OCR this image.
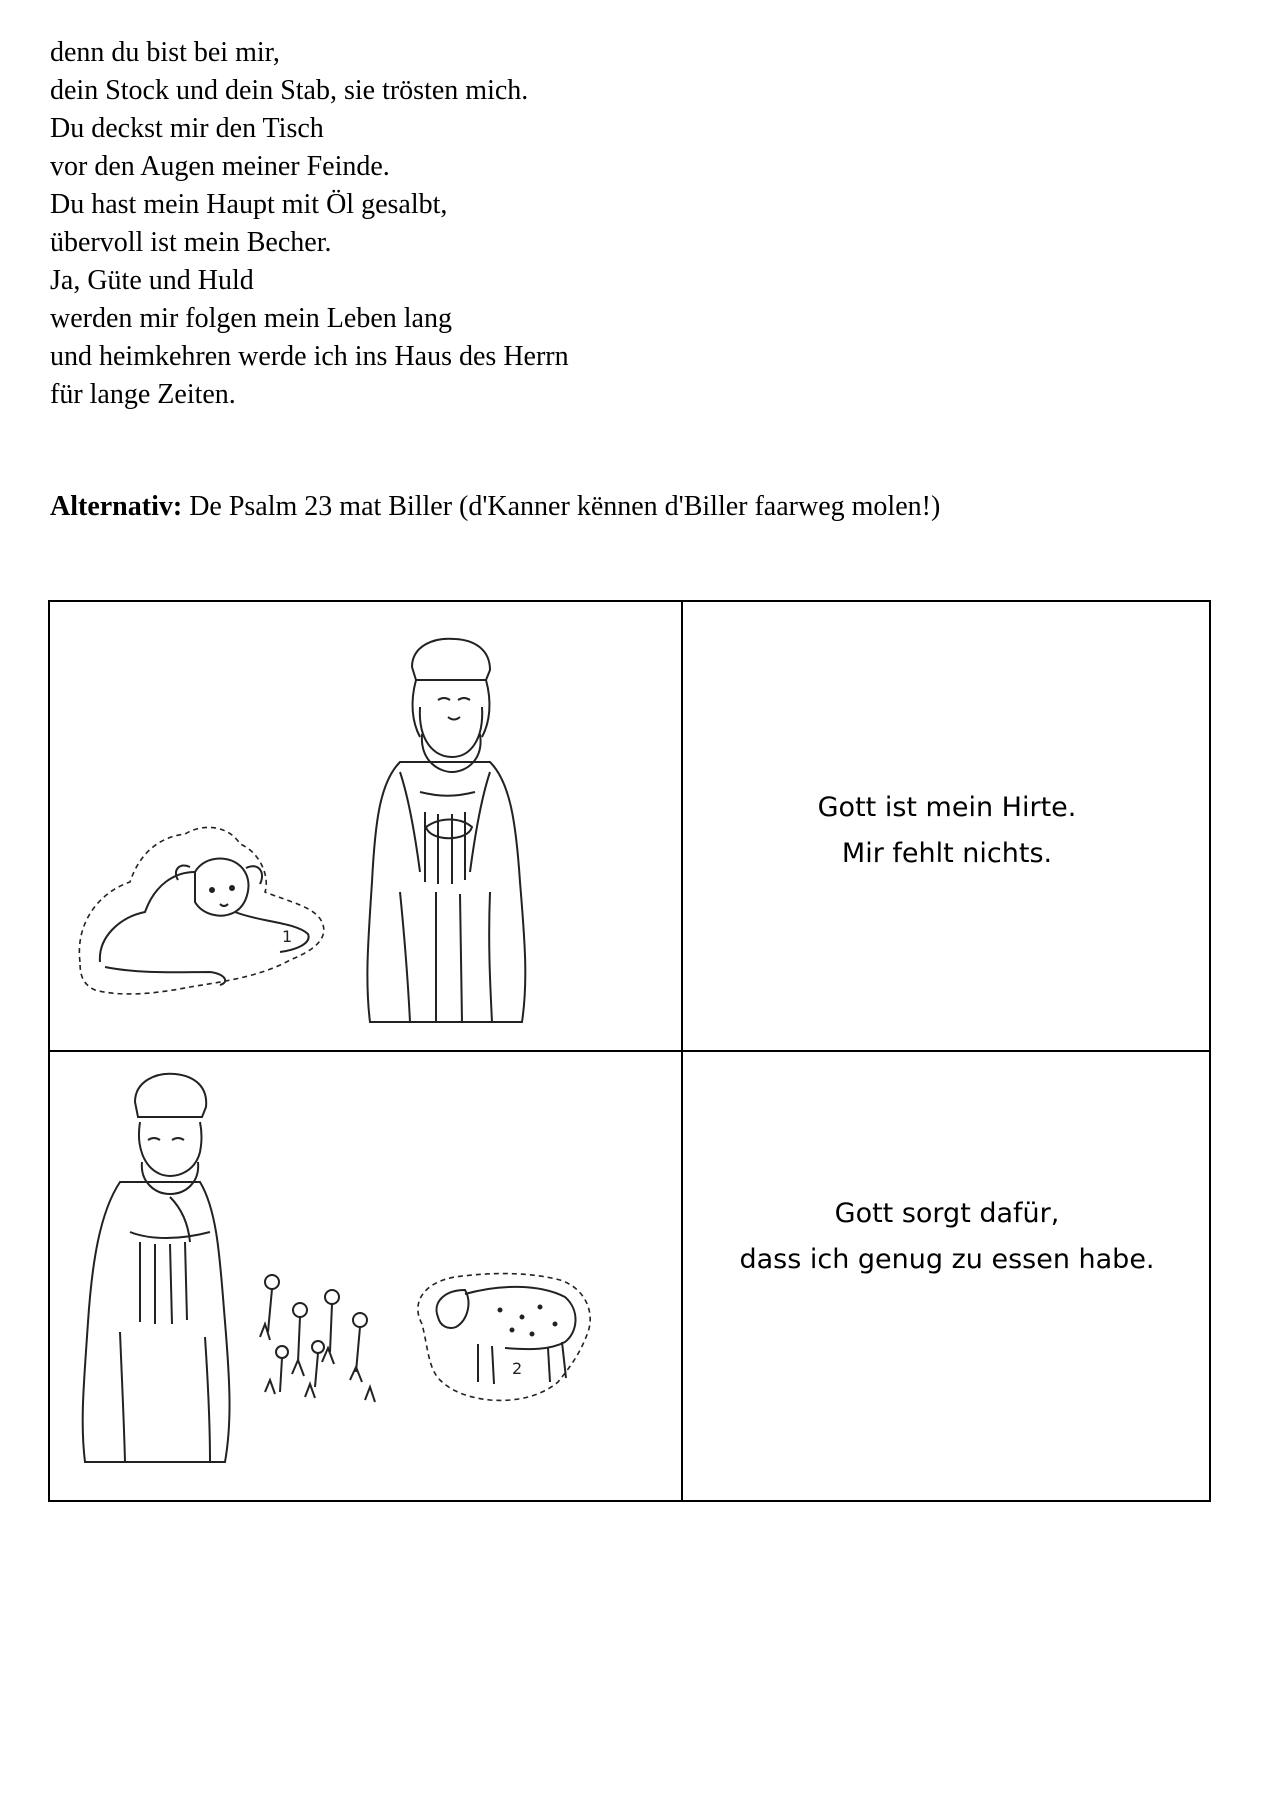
denn du bist bei mir,
dein Stock und dein Stab, sie trösten mich.
Du deckst mir den Tisch
vor den Augen meiner Feinde.
Du hast mein Haupt mit Öl gesalbt,
übervoll ist mein Becher.
Ja, Güte und Huld
werden mir folgen mein Leben lang
und heimkehren werde ich ins Haus des Herrn
für lange Zeiten.
Alternativ: De Psalm 23 mat Biller (d'Kanner kënnen d'Biller faarweg molen!)
1
Gott ist mein Hirte.
Mir fehlt nichts.
2
Gott sorgt dafür,
dass ich genug zu essen habe.
